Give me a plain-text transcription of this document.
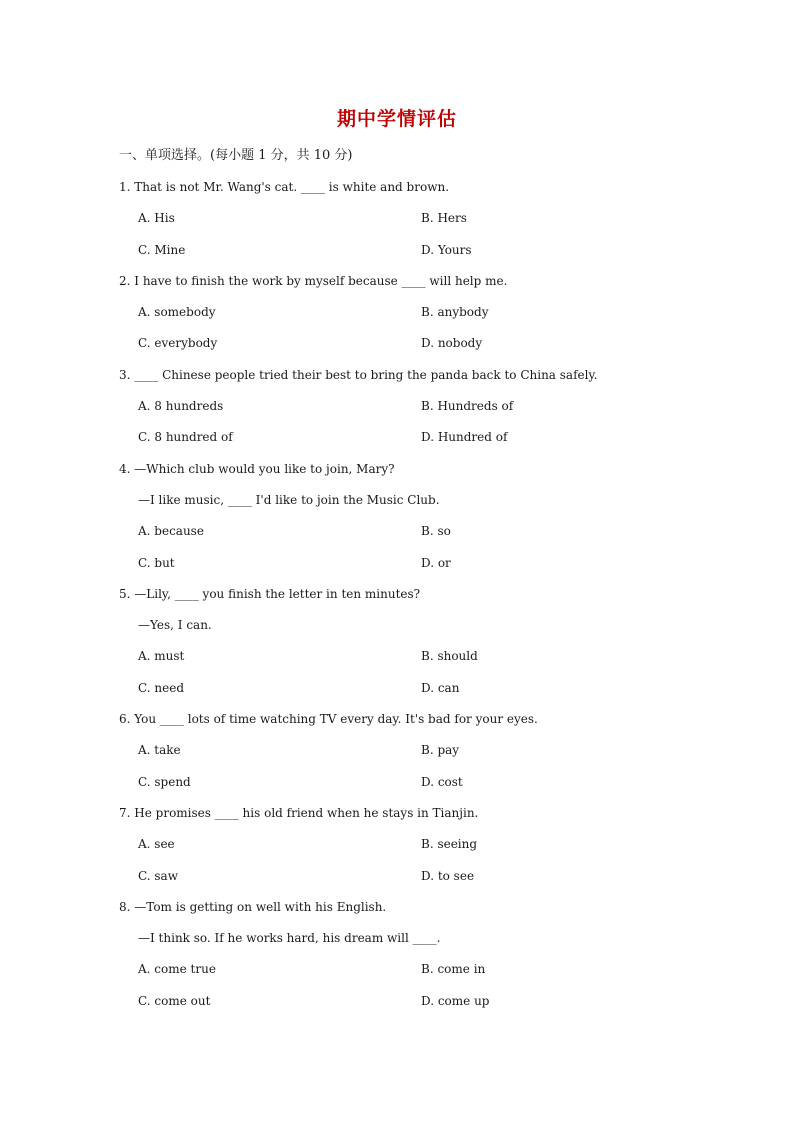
期中学情评估
一、单项选择。(每小题 1 分，共 10 分)
1. That is not Mr. Wang's cat. ____ is white and brown.
A. His	B. Hers
C. Mine	D. Yours
2. I have to finish the work by myself because ____ will help me.
A. somebody	B. anybody
C. everybody	D. nobody
3. ____ Chinese people tried their best to bring the panda back to China safely.
A. 8 hundreds	B. Hundreds of
C. 8 hundred of	D. Hundred of
4. —Which club would you like to join, Mary?
—I like music, ____ I'd like to join the Music Club.
A. because	B. so
C. but	D. or
5. —Lily, ____ you finish the letter in ten minutes?
—Yes, I can.
A. must	B. should
C. need	D. can
6. You ____ lots of time watching TV every day. It's bad for your eyes.
A. take	B. pay
C. spend	D. cost
7. He promises ____ his old friend when he stays in Tianjin.
A. see	B. seeing
C. saw	D. to see
8. —Tom is getting on well with his English.
—I think so. If he works hard, his dream will ____.
A. come true	B. come in
C. come out	D. come up
